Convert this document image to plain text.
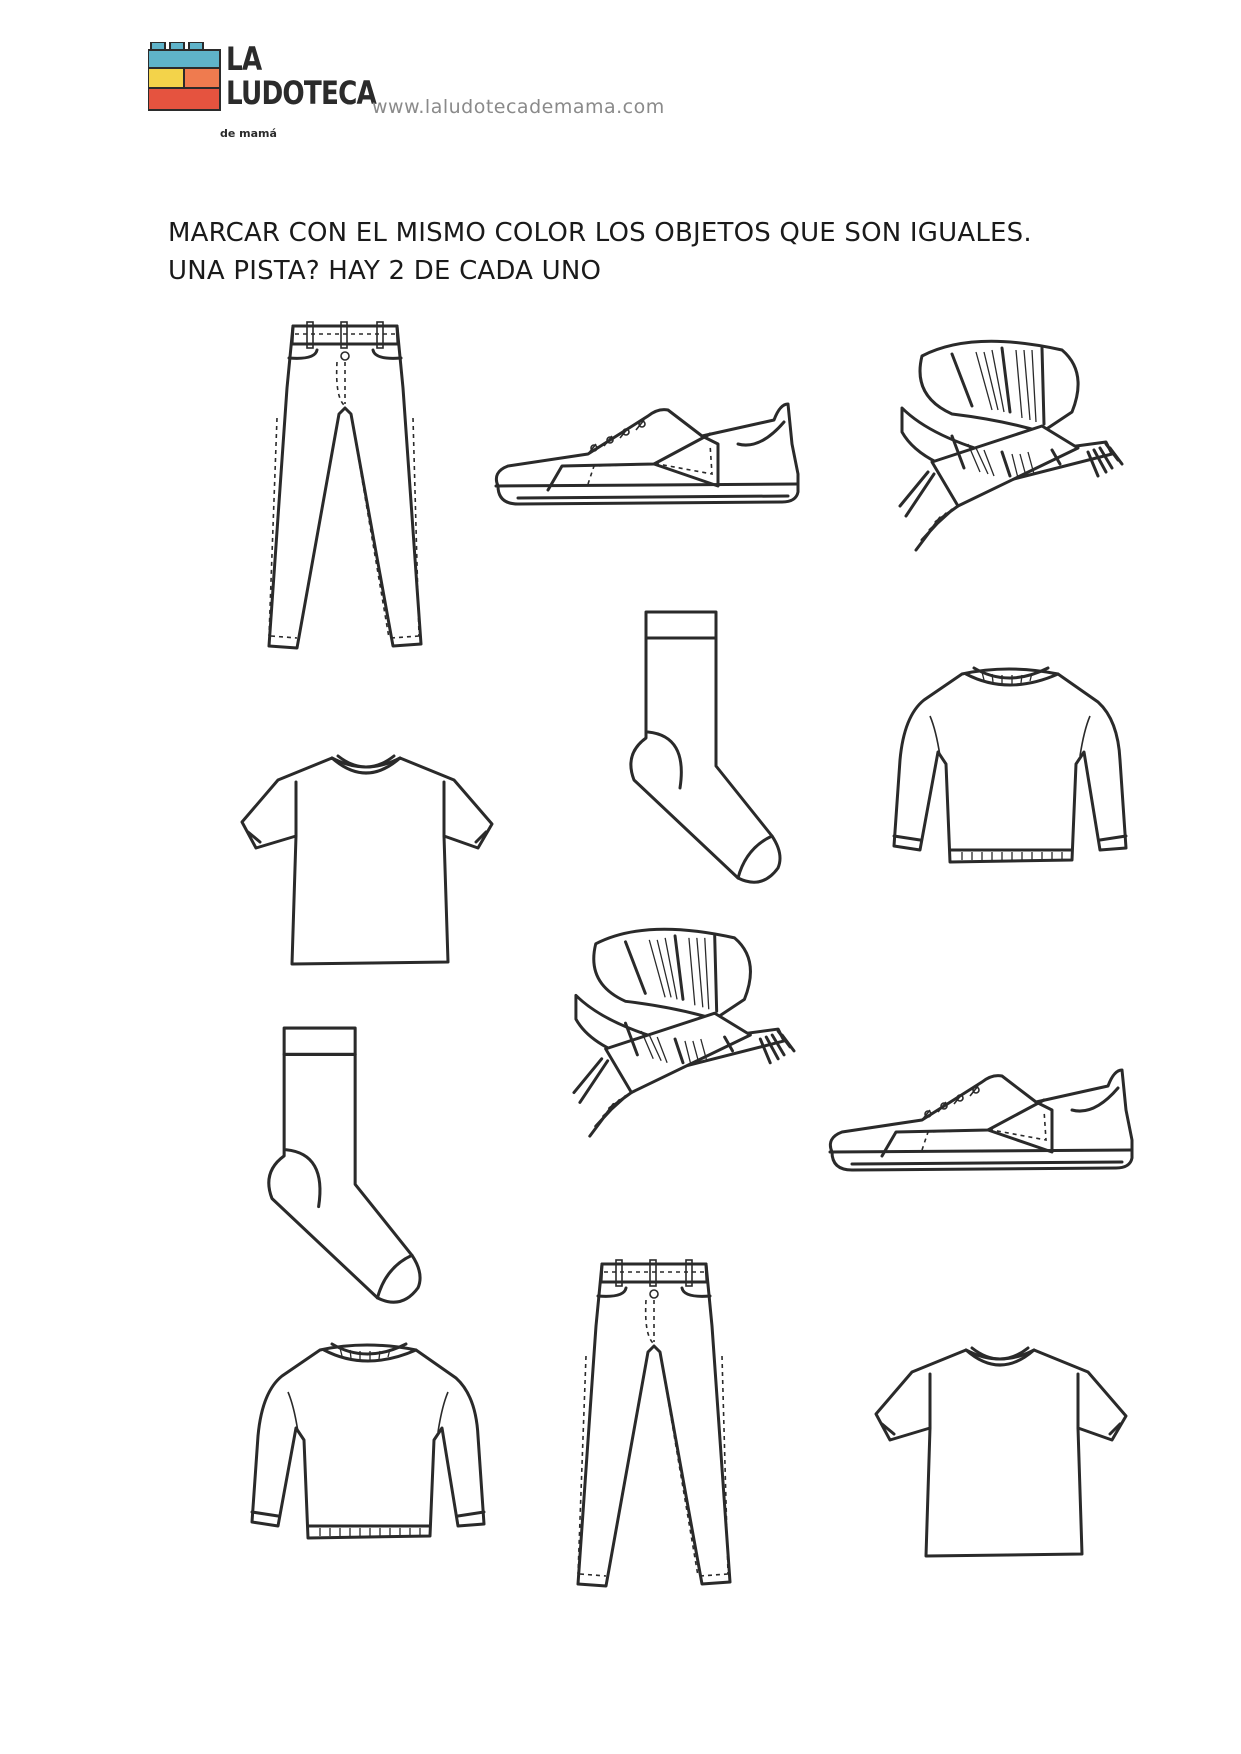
LA
LUDOTECA
de mamá
www.laludotecademama.com
MARCAR CON EL MISMO COLOR LOS OBJETOS QUE SON IGUALES.
UNA PISTA? HAY 2 DE CADA UNO
